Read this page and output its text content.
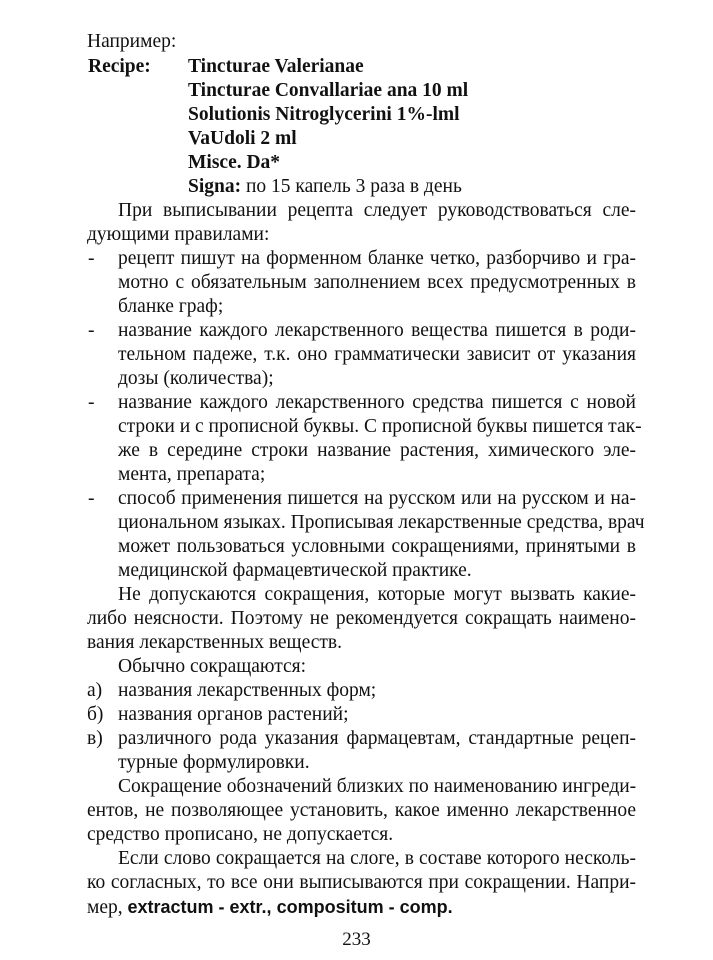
Например:
Recipe: Tincturae Valerianae
Tincturae Convallariae ana 10 ml
Solutionis Nitroglycerini 1%-lml
VaUdoli 2 ml
Misce. Da*
Signa: по 15 капель 3 раза в день
При выписывании рецепта следует руководствоваться сле-
дующими правилами:
- рецепт пишут на форменном бланке четко, разборчиво и гра-
мотно с обязательным заполнением всех предусмотренных в
бланке граф;
- название каждого лекарственного вещества пишется в роди-
тельном падеже, т.к. оно грамматически зависит от указания
дозы (количества);
- название каждого лекарственного средства пишется с новой
строки и с прописной буквы. С прописной буквы пишется так-
же в середине строки название растения, химического эле-
мента, препарата;
- способ применения пишется на русском или на русском и на-
циональном языках. Прописывая лекарственные средства, врач
может пользоваться условными сокращениями, принятыми в
медицинской фармацевтической практике.
Не допускаются сокращения, которые могут вызвать какие-
либо неясности. Поэтому не рекомендуется сокращать наимено-
вания лекарственных веществ.
Обычно сокращаются:
а) названия лекарственных форм;
б) названия органов растений;
в) различного рода указания фармацевтам, стандартные рецеп-
турные формулировки.
Сокращение обозначений близких по наименованию ингреди-
ентов, не позволяющее установить, какое именно лекарственное
средство прописано, не допускается.
Если слово сокращается на слоге, в составе которого несколь-
ко согласных, то все они выписываются при сокращении. Напри-
мер, extractum - extr., compositum - comp.
233
